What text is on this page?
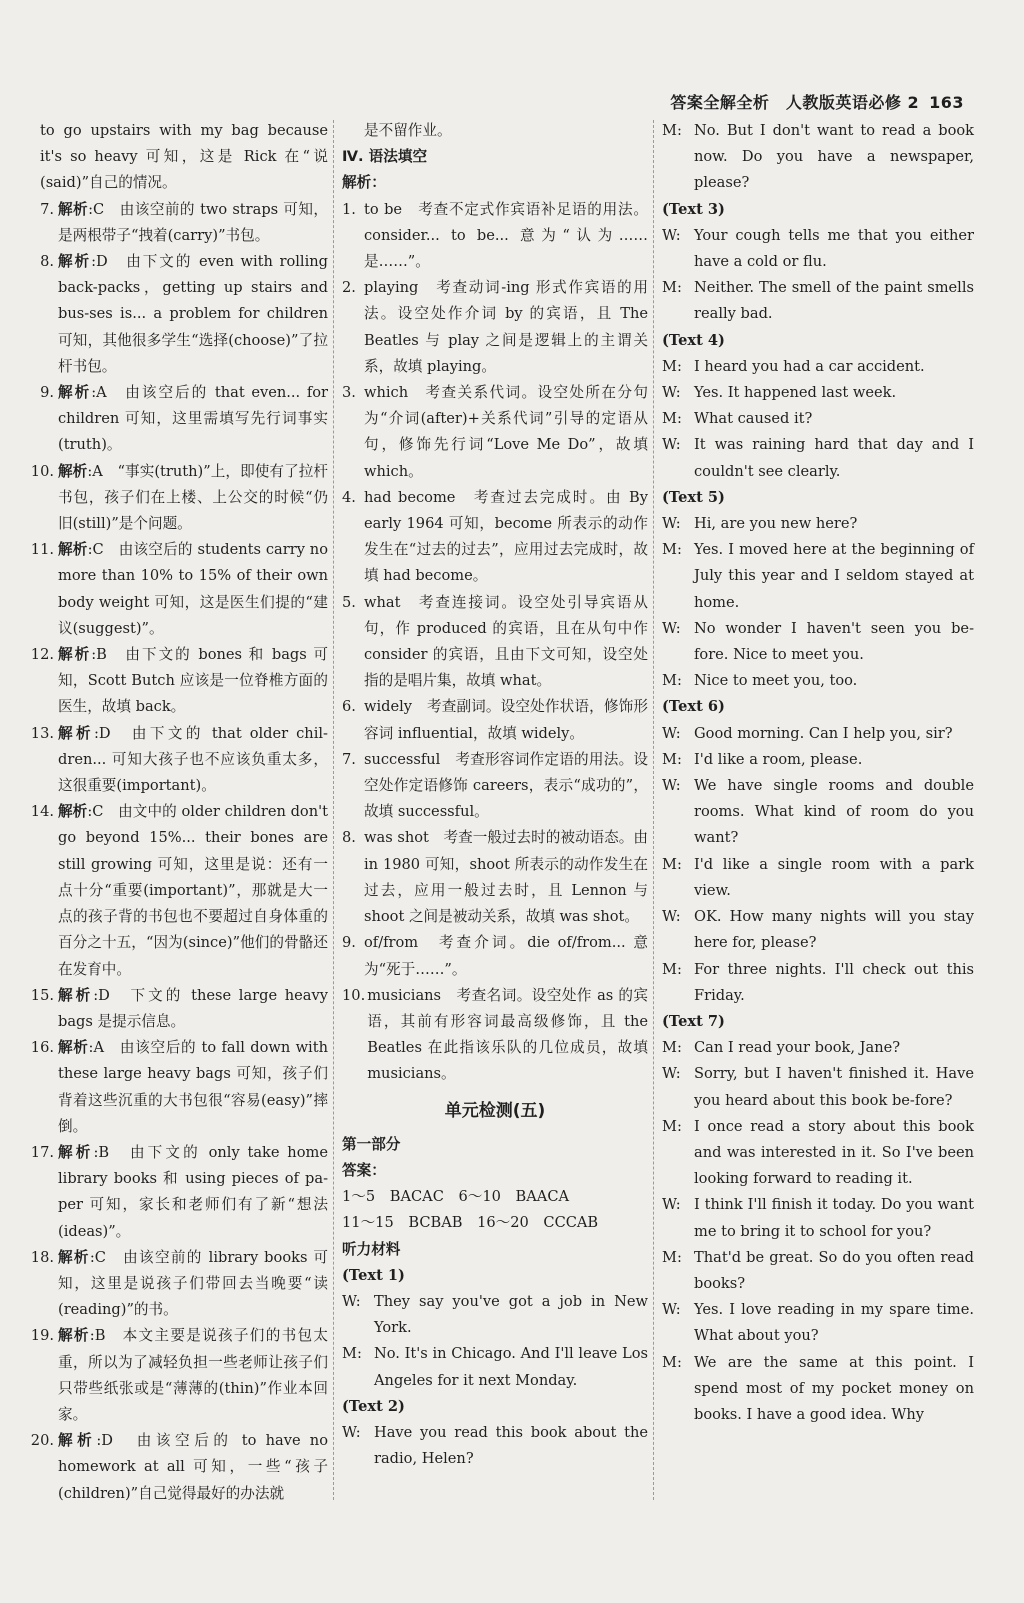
答案全解全析　人教版英语必修 2 163
to go upstairs with my bag because it's so heavy 可知，这是 Rick 在“说(said)”自己的情况。
7. 解析:C　由该空前的 two straps 可知，是两根带子“拽着(carry)”书包。
8. 解析:D　由下文的 even with rolling back-packs，getting up stairs and bus-ses is... a problem for children 可知，其他很多学生“选择(choose)”了拉杆书包。
9. 解析:A　由该空后的 that even... for children 可知，这里需填写先行词事实(truth)。
10. 解析:A　“事实(truth)”上，即使有了拉杆书包，孩子们在上楼、上公交的时候“仍旧(still)”是个问题。
11. 解析:C　由该空后的 students carry no more than 10% to 15% of their own body weight 可知，这是医生们提的“建议(suggest)”。
12. 解析:B　由下文的 bones 和 bags 可知，Scott Butch 应该是一位脊椎方面的医生，故填 back。
13. 解析:D　由下文的 that older chil-dren... 可知大孩子也不应该负重太多，这很重要(important)。
14. 解析:C　由文中的 older children don't go beyond 15%... their bones are still growing 可知，这里是说：还有一点十分“重要(important)”，那就是大一点的孩子背的书包也不要超过自身体重的百分之十五，“因为(since)”他们的骨骼还在发育中。
15. 解析:D　下文的 these large heavy bags 是提示信息。
16. 解析:A　由该空后的 to fall down with these large heavy bags 可知，孩子们背着这些沉重的大书包很“容易(easy)”摔倒。
17. 解析:B　由下文的 only take home library books 和 using pieces of pa-per 可知，家长和老师们有了新“想法(ideas)”。
18. 解析:C　由该空前的 library books 可知，这里是说孩子们带回去当晚要“读(reading)”的书。
19. 解析:B　本文主要是说孩子们的书包太重，所以为了减轻负担一些老师让孩子们只带些纸张或是“薄薄的(thin)”作业本回家。
20. 解析:D　由该空后的 to have no homework at all 可知，一些“孩子(children)”自己觉得最好的办法就
是不留作业。
Ⅳ. 语法填空
解析：
1. to be　考查不定式作宾语补足语的用法。consider... to be... 意为“认为……是……”。
2. playing　考查动词-ing 形式作宾语的用法。设空处作介词 by 的宾语，且 The Beatles 与 play 之间是逻辑上的主谓关系，故填 playing。
3. which　考查关系代词。设空处所在分句为“介词(after)+关系代词”引导的定语从句，修饰先行词“Love Me Do”，故填 which。
4. had become　考查过去完成时。由 By early 1964 可知，become 所表示的动作发生在“过去的过去”，应用过去完成时，故填 had become。
5. what　考查连接词。设空处引导宾语从句，作 produced 的宾语，且在从句中作 consider 的宾语，且由下文可知，设空处指的是唱片集，故填 what。
6. widely　考查副词。设空处作状语，修饰形容词 influential，故填 widely。
7. successful　考查形容词作定语的用法。设空处作定语修饰 careers，表示“成功的”，故填 successful。
8. was shot　考查一般过去时的被动语态。由 in 1980 可知，shoot 所表示的动作发生在过去，应用一般过去时，且 Lennon 与 shoot 之间是被动关系，故填 was shot。
9. of/from　考查介词。die of/from... 意为“死于……”。
10. musicians　考查名词。设空处作 as 的宾语，其前有形容词最高级修饰，且 the Beatles 在此指该乐队的几位成员，故填 musicians。
单元检测(五)
第一部分
答案：
1～5　BACAC　6～10　BAACA
11～15　BCBAB　16～20　CCCAB
听力材料
(Text 1)
W: They say you've got a job in New York.
M: No. It's in Chicago. And I'll leave Los Angeles for it next Monday.
(Text 2)
W: Have you read this book about the radio, Helen?
M: No. But I don't want to read a book now. Do you have a newspaper, please?
(Text 3)
W: Your cough tells me that you either have a cold or flu.
M: Neither. The smell of the paint smells really bad.
(Text 4)
M: I heard you had a car accident.
W: Yes. It happened last week.
M: What caused it?
W: It was raining hard that day and I couldn't see clearly.
(Text 5)
W: Hi, are you new here?
M: Yes. I moved here at the beginning of July this year and I seldom stayed at home.
W: No wonder I haven't seen you be-fore. Nice to meet you.
M: Nice to meet you, too.
(Text 6)
W: Good morning. Can I help you, sir?
M: I'd like a room, please.
W: We have single rooms and double rooms. What kind of room do you want?
M: I'd like a single room with a park view.
W: OK. How many nights will you stay here for, please?
M: For three nights. I'll check out this Friday.
(Text 7)
M: Can I read your book, Jane?
W: Sorry, but I haven't finished it. Have you heard about this book be-fore?
M: I once read a story about this book and was interested in it. So I've been looking forward to reading it.
W: I think I'll finish it today. Do you want me to bring it to school for you?
M: That'd be great. So do you often read books?
W: Yes. I love reading in my spare time. What about you?
M: We are the same at this point. I spend most of my pocket money on books. I have a good idea. Why
